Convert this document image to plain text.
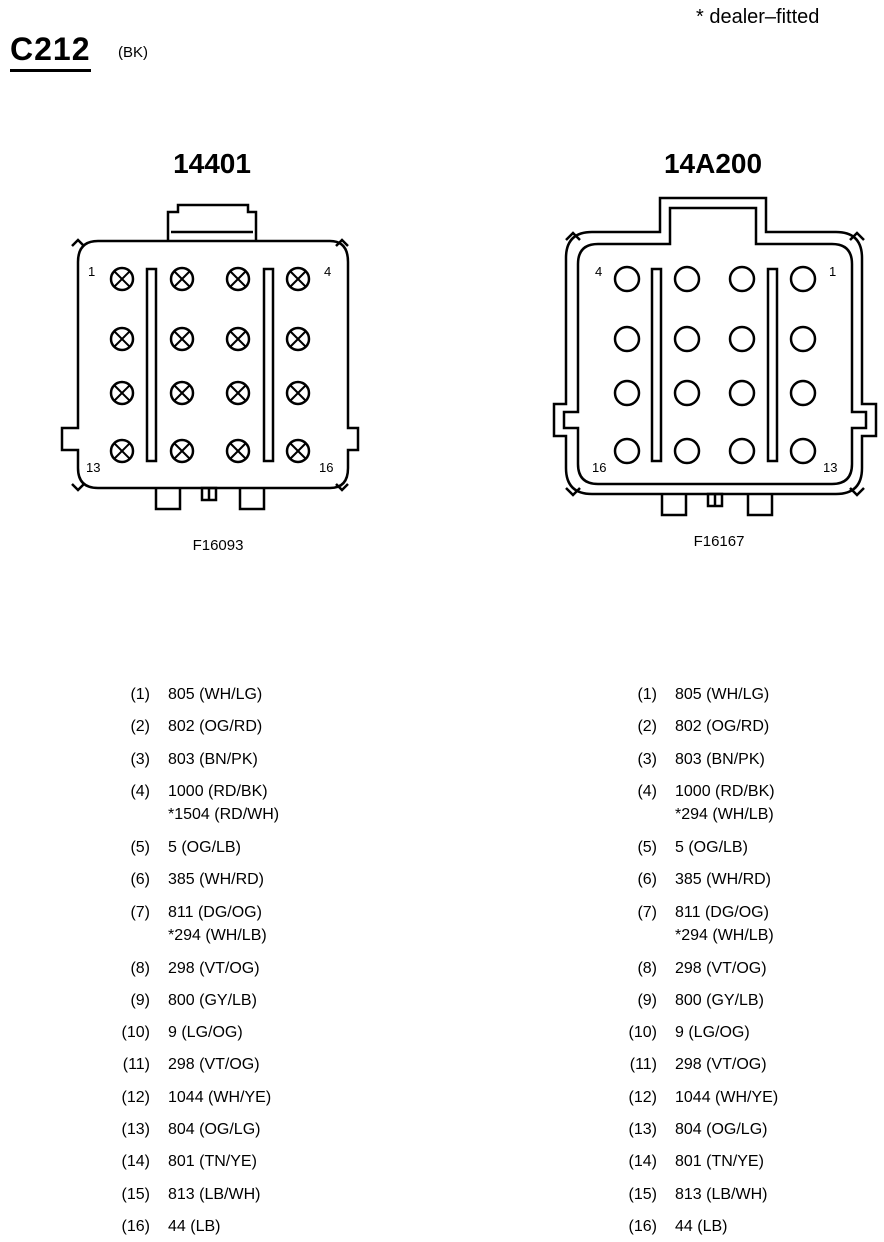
* dealer–fitted
C212 (BK)
14401	14A200
1	4
13	16
4	1
16	13
F16093	F16167
(1) 805 (WH/LG)
(2) 802 (OG/RD)
(3) 803 (BN/PK)
(4) 1000 (RD/BK)
*1504 (RD/WH)
(5) 5 (OG/LB)
(6) 385 (WH/RD)
(7) 811 (DG/OG)
*294 (WH/LB)
(8) 298 (VT/OG)
(9) 800 (GY/LB)
(10) 9 (LG/OG)
(11) 298 (VT/OG)
(12) 1044 (WH/YE)
(13) 804 (OG/LG)
(14) 801 (TN/YE)
(15) 813 (LB/WH)
(16) 44 (LB)
(1) 805 (WH/LG)
(2) 802 (OG/RD)
(3) 803 (BN/PK)
(4) 1000 (RD/BK)
*294 (WH/LB)
(5) 5 (OG/LB)
(6) 385 (WH/RD)
(7) 811 (DG/OG)
*294 (WH/LB)
(8) 298 (VT/OG)
(9) 800 (GY/LB)
(10) 9 (LG/OG)
(11) 298 (VT/OG)
(12) 1044 (WH/YE)
(13) 804 (OG/LG)
(14) 801 (TN/YE)
(15) 813 (LB/WH)
(16) 44 (LB)
